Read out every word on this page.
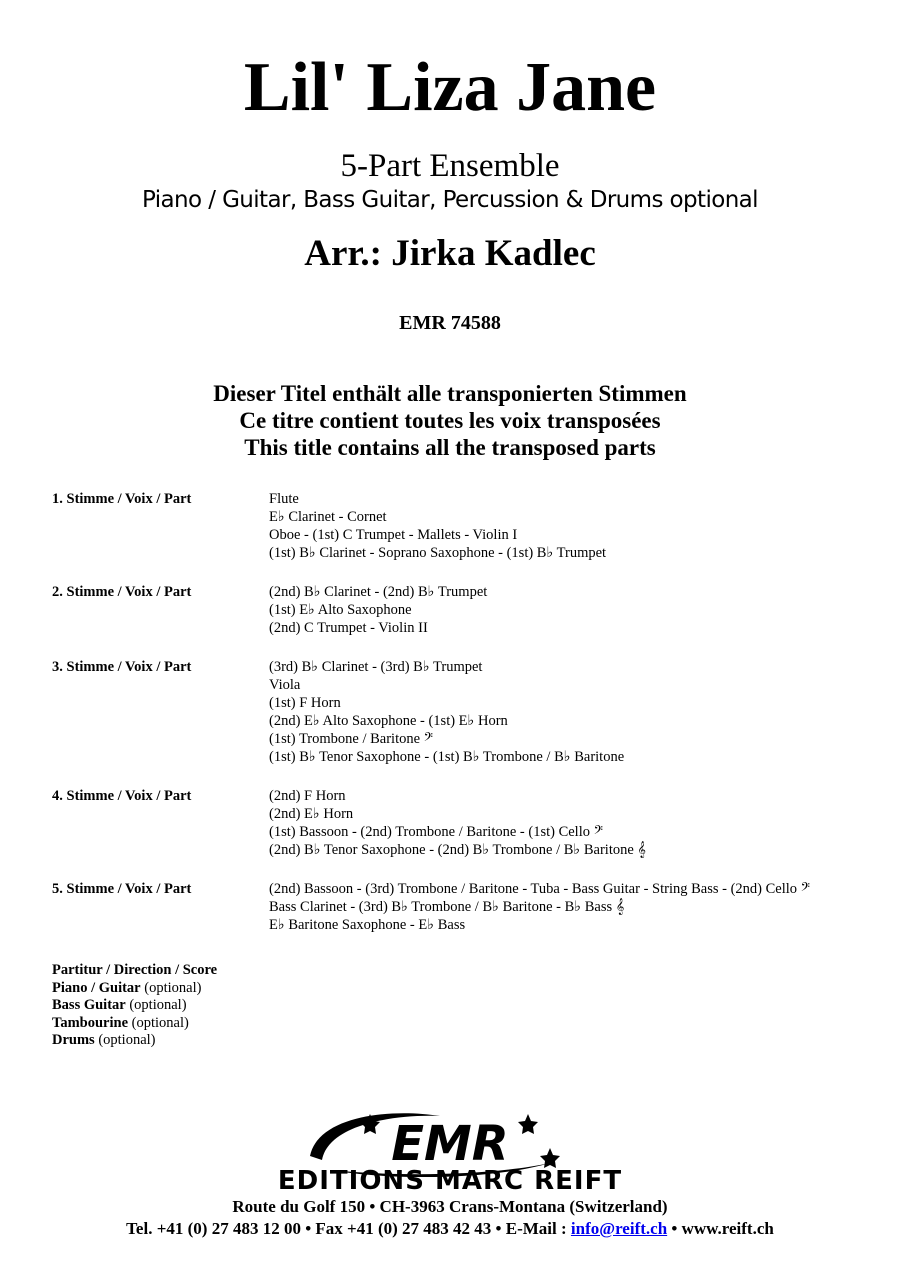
Lil' Liza Jane
5-Part Ensemble
Piano / Guitar, Bass Guitar, Percussion & Drums optional
Arr.: Jirka Kadlec
EMR 74588
Dieser Titel enthält alle transponierten Stimmen
Ce titre contient toutes les voix transposées
This title contains all the transposed parts
1. Stimme / Voix / Part	Flute
E♭ Clarinet - Cornet
Oboe - (1st) C Trumpet - Mallets - Violin I
(1st) B♭ Clarinet - Soprano Saxophone - (1st) B♭ Trumpet
2. Stimme / Voix / Part	(2nd) B♭ Clarinet - (2nd) B♭ Trumpet
(1st) E♭ Alto Saxophone
(2nd) C Trumpet - Violin II
3. Stimme / Voix / Part	(3rd) B♭ Clarinet - (3rd) B♭ Trumpet
Viola
(1st) F Horn
(2nd) E♭ Alto Saxophone - (1st) E♭ Horn
(1st) Trombone / Baritone 𝄢
(1st) B♭ Tenor Saxophone - (1st) B♭ Trombone / B♭ Baritone
4. Stimme / Voix / Part	(2nd) F Horn
(2nd) E♭ Horn
(1st) Bassoon - (2nd) Trombone / Baritone - (1st) Cello 𝄢
(2nd) B♭ Tenor Saxophone - (2nd) B♭ Trombone / B♭ Baritone 𝄞
5. Stimme / Voix / Part	(2nd) Bassoon - (3rd) Trombone / Baritone - Tuba - Bass Guitar - String Bass - (2nd) Cello 𝄢
Bass Clarinet - (3rd) B♭ Trombone / B♭ Baritone - B♭ Bass 𝄞
E♭ Baritone Saxophone - E♭ Bass
Partitur / Direction / Score
Piano / Guitar (optional)
Bass Guitar (optional)
Tambourine (optional)
Drums (optional)
EMR
EDITIONS MARC REIFT
Route du Golf 150 • CH-3963 Crans-Montana (Switzerland)
Tel. +41 (0) 27 483 12 00 • Fax +41 (0) 27 483 42 43 • E-Mail : info@reift.ch • www.reift.ch
